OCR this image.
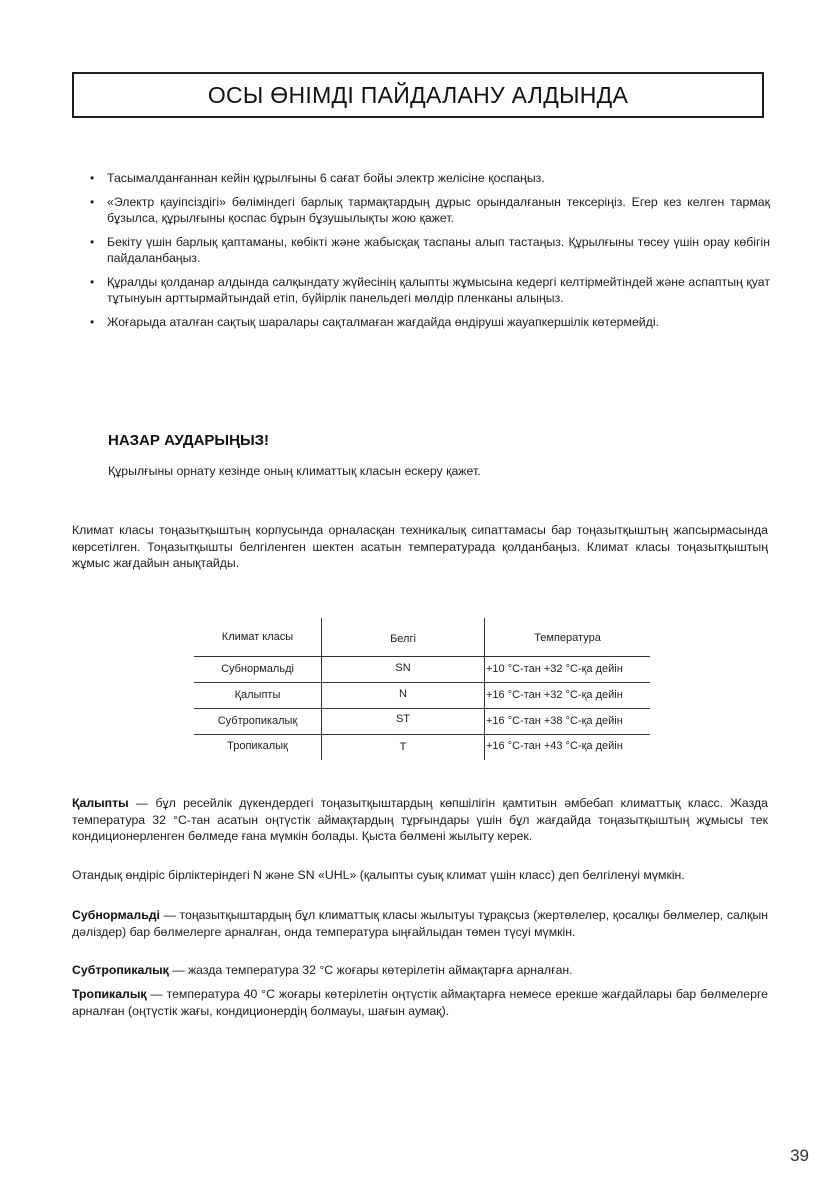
ОСЫ ӨНІМДІ ПАЙДАЛАНУ АЛДЫНДА
• Тасымалданғаннан кейін құрылғыны 6 сағат бойы электр желісіне қоспаңыз.
• «Электр қауіпсіздігі» бөліміндегі барлық тармақтардың дұрыс орындалғанын тексеріңіз. Егер кез келген тармақ бұзылса, құрылғыны қоспас бұрын бұзушылықты жою қажет.
• Бекіту үшін барлық қаптаманы, көбікті және жабысқақ таспаны алып тастаңыз. Құрылғыны төсеу үшін орау көбігін пайдаланбаңыз.
• Құралды қолданар алдында салқындату жүйесінің қалыпты жұмысына кедергі келтірмейтіндей және аспаптың қуат тұтынуын арттырмайтындай етіп, бүйірлік панельдегі мөлдір пленканы алыңыз.
• Жоғарыда аталған сақтық шаралары сақталмаған жағдайда өндіруші жауапкершілік көтермейді.
НАЗАР АУДАРЫҢЫЗ!
Құрылғыны орнату кезінде оның климаттық класын ескеру қажет.

Климат класы тоңазытқыштың корпусында орналасқан техникалық сипаттамасы бар тоңазытқыштың жапсырмасында көрсетілген. Тоңазытқышты белгіленген шектен асатын температурада қолданбаңыз. Климат класы тоңазытқыштың жұмыс жағдайын анықтайды.

Климат класы	Белгі	Температура
Субнормальді	SN	+10 °С-тан +32 °С-қа дейін
Қалыпты	N	+16 °С-тан +32 °С-қа дейін
Субтропикалық	ST	+16 °С-тан +38 °С-қа дейін
Тропикалық	T	+16 °С-тан +43 °С-қа дейін

Қалыпты — бұл ресейлік дүкендердегі тоңазытқыштардың көпшілігін қамтитын әмбебап климаттық класс. Жазда температура 32 °С-тан асатын оңтүстік аймақтардың тұрғындары үшін бұл жағдайда тоңазытқыштың жұмысы тек кондиционерленген бөлмеде ғана мүмкін болады. Қыста бөлмені жылыту керек.

Отандық өндіріс бірліктеріндегі N және SN «UHL» (қалыпты суық климат үшін класс) деп белгіленуі мүмкін.

Субнормальді — тоңазытқыштардың бұл климаттық класы жылытуы тұрақсыз (жертөлелер, қосалқы бөлмелер, салқын дәліздер) бар бөлмелерге арналған, онда температура ыңғайлыдан төмен түсуі мүмкін.

Субтропикалық — жазда температура 32 °С жоғары көтерілетін аймақтарға арналған.

Тропикалық — температура 40 °С жоғары көтерілетін оңтүстік аймақтарға немесе ерекше жағдайлары бар бөлмелерге арналған (оңтүстік жағы, кондиционердің болмауы, шағын аумақ).

39
